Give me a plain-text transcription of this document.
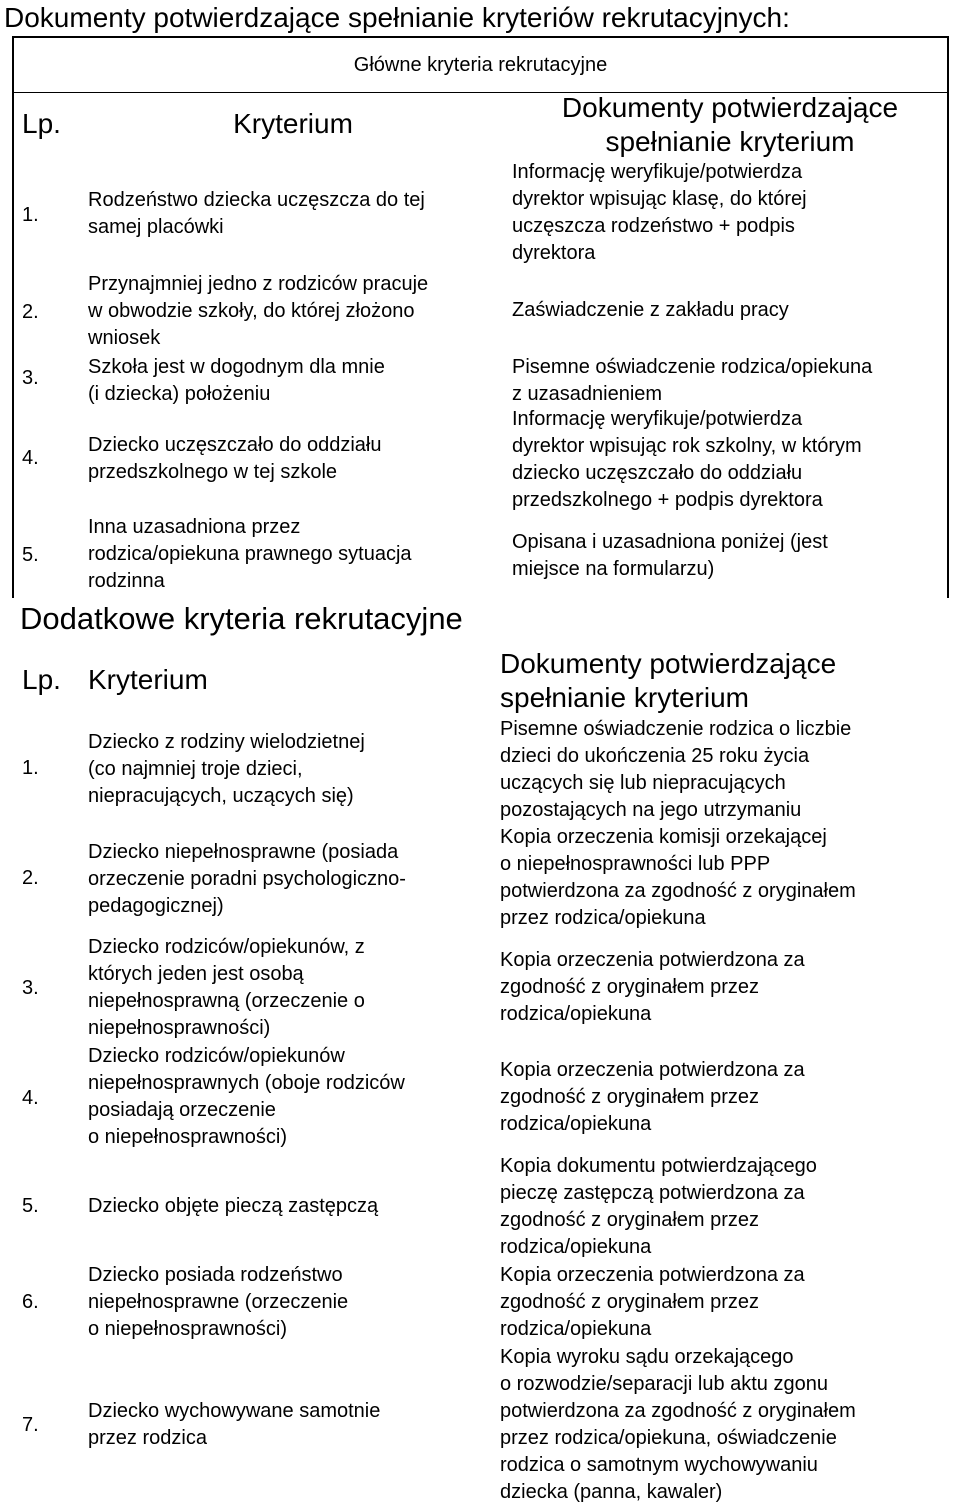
Dokumenty potwierdzające spełnianie kryteriów rekrutacyjnych:
Główne kryteria rekrutacyjne
Lp.	Kryterium
Dokumenty potwierdzające
spełnianie kryterium
1.
Rodzeństwo dziecka uczęszcza do tej
samej placówki
Informację weryfikuje/potwierdza
dyrektor wpisując klasę, do której
uczęszcza rodzeństwo + podpis
dyrektora
2.
Przynajmniej jedno z rodziców pracuje
w obwodzie szkoły, do której złożono
wniosek
Zaświadczenie z zakładu pracy
3. Szkoła jest w dogodnym dla mnie
(i dziecka) położeniu
Pisemne oświadczenie rodzica/opiekuna
z uzasadnieniem
4.
Dziecko uczęszczało do oddziału
przedszkolnego w tej szkole
Informację weryfikuje/potwierdza
dyrektor wpisując rok szkolny, w którym
dziecko uczęszczało do oddziału
przedszkolnego + podpis dyrektora
5.
Inna uzasadniona przez
rodzica/opiekuna prawnego sytuacja
rodzinna
Opisana i uzasadniona poniżej (jest
miejsce na formularzu)
Dodatkowe kryteria rekrutacyjne
Lp. Kryterium
Dokumenty potwierdzające
spełnianie kryterium
1.
Dziecko z rodziny wielodzietnej
(co najmniej troje dzieci,
niepracujących, uczących się)
Pisemne oświadczenie rodzica o liczbie
dzieci do ukończenia 25 roku życia
uczących się lub niepracujących
pozostających na jego utrzymaniu
2.
Dziecko niepełnosprawne (posiada
orzeczenie poradni psychologiczno-
pedagogicznej)
Kopia orzeczenia komisji orzekającej
o niepełnosprawności lub PPP
potwierdzona za zgodność z oryginałem
przez rodzica/opiekuna
3.
Dziecko rodziców/opiekunów, z
których jeden jest osobą
niepełnosprawną (orzeczenie o
niepełnosprawności)
Kopia orzeczenia potwierdzona za
zgodność z oryginałem przez
rodzica/opiekuna
4.
Dziecko rodziców/opiekunów
niepełnosprawnych (oboje rodziców
posiadają orzeczenie
o niepełnosprawności)
Kopia orzeczenia potwierdzona za
zgodność z oryginałem przez
rodzica/opiekuna
5. Dziecko objęte pieczą zastępczą
Kopia dokumentu potwierdzającego
pieczę zastępczą potwierdzona za
zgodność z oryginałem przez
rodzica/opiekuna
6.
Dziecko posiada rodzeństwo
niepełnosprawne (orzeczenie
o niepełnosprawności)
Kopia orzeczenia potwierdzona za
zgodność z oryginałem przez
rodzica/opiekuna
7.
Dziecko wychowywane samotnie
przez rodzica
Kopia wyroku sądu orzekającego
o rozwodzie/separacji lub aktu zgonu
potwierdzona za zgodność z oryginałem
przez rodzica/opiekuna, oświadczenie
rodzica o samotnym wychowywaniu
dziecka (panna, kawaler)
